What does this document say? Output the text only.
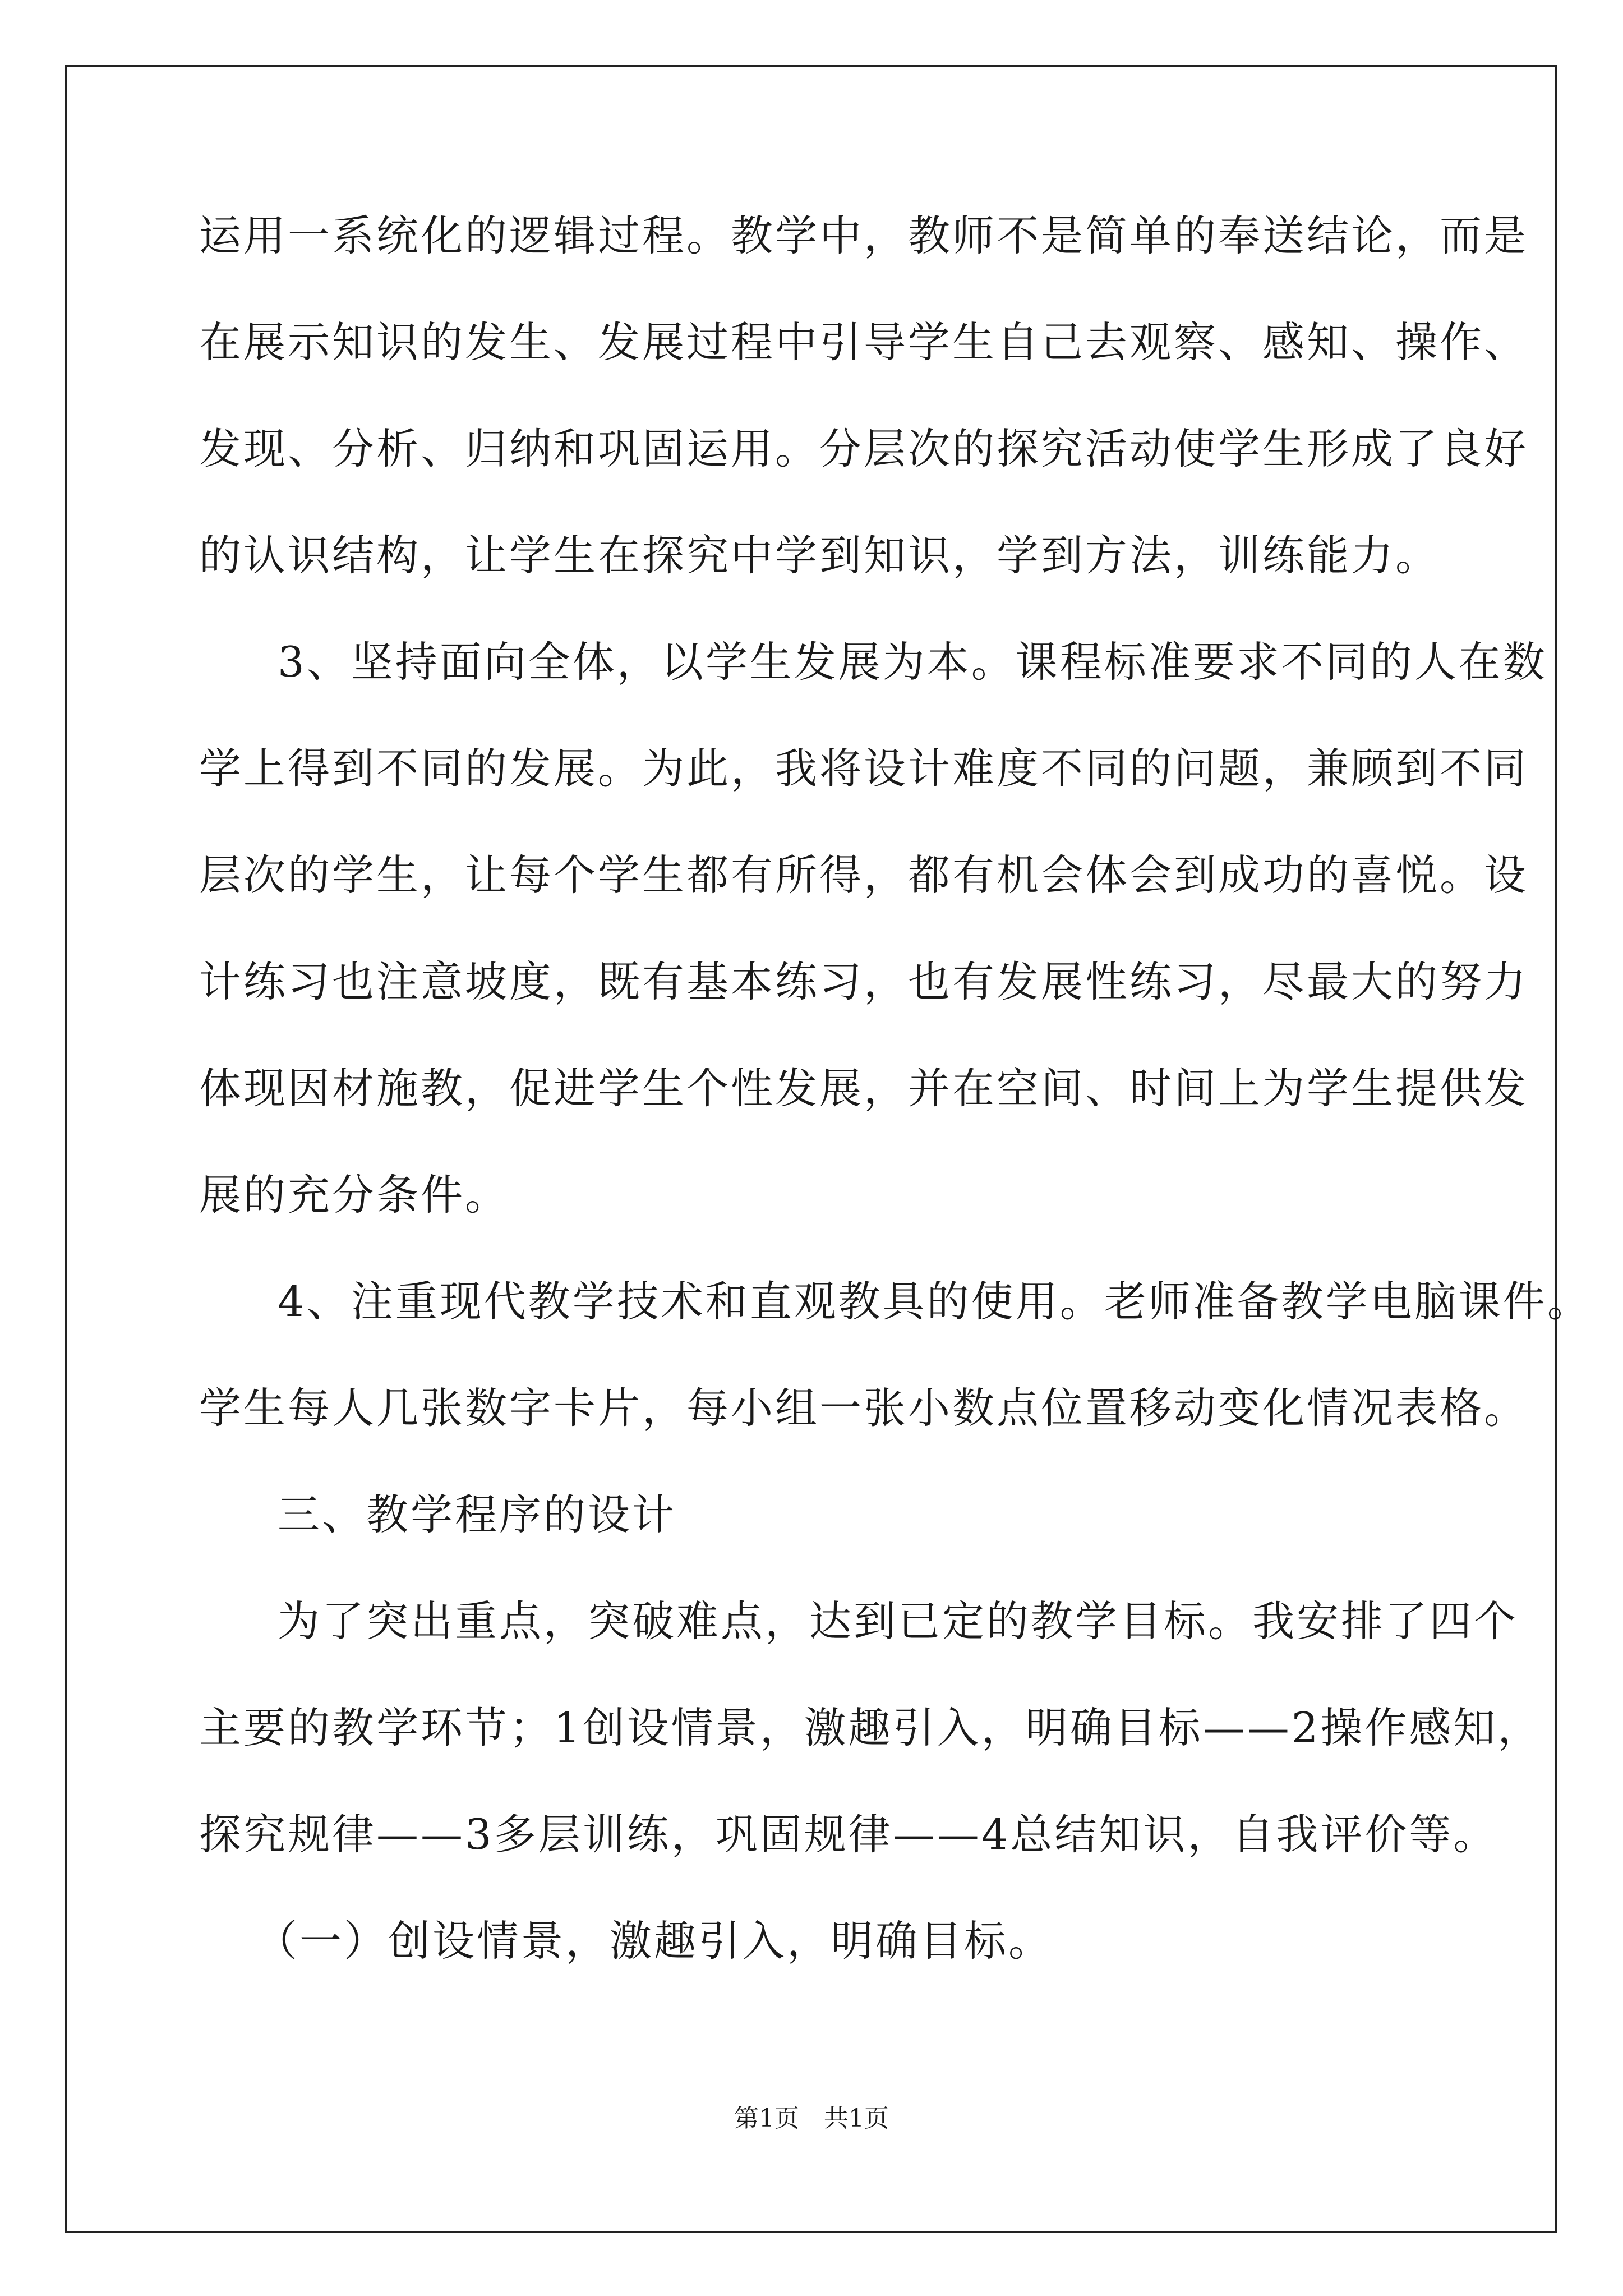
运用一系统化的逻辑过程。教学中，教师不是简单的奉送结论，而是
在展示知识的发生、发展过程中引导学生自己去观察、感知、操作、
发现、分析、归纳和巩固运用。分层次的探究活动使学生形成了良好
的认识结构，让学生在探究中学到知识，学到方法，训练能力。
3、坚持面向全体，以学生发展为本。课程标准要求不同的人在数
学上得到不同的发展。为此，我将设计难度不同的问题，兼顾到不同
层次的学生，让每个学生都有所得，都有机会体会到成功的喜悦。设
计练习也注意坡度，既有基本练习，也有发展性练习，尽最大的努力
体现因材施教，促进学生个性发展，并在空间、时间上为学生提供发
展的充分条件。
4、注重现代教学技术和直观教具的使用。老师准备教学电脑课件。
学生每人几张数字卡片，每小组一张小数点位置移动变化情况表格。
三、教学程序的设计
为了突出重点，突破难点，达到已定的教学目标。我安排了四个
主要的教学环节；1创设情景，激趣引入，明确目标——2操作感知，
探究规律——3多层训练，巩固规律——4总结知识，自我评价等。
（一）创设情景，激趣引入，明确目标。
第1页　共1页
